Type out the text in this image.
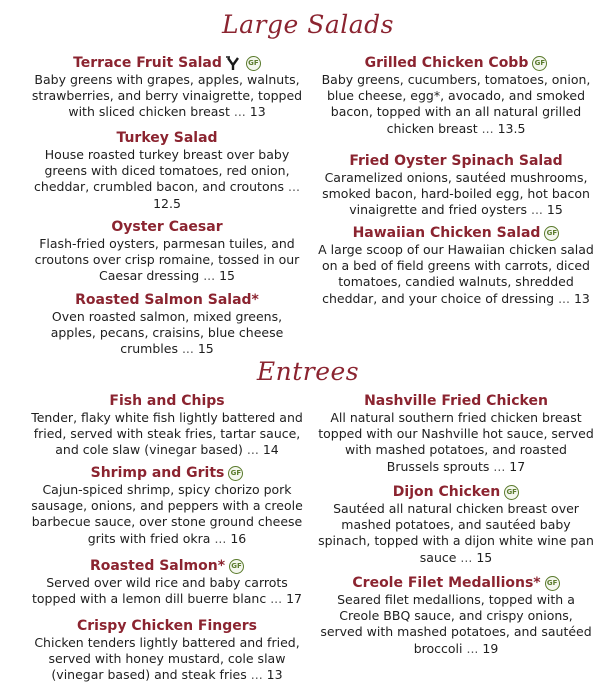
Large Salads
Terrace Fruit Salad	GF
Baby greens with grapes, apples, walnuts, strawberries, and berry vinaigrette, topped with sliced chicken breast ... 13
Turkey Salad
House roasted turkey breast over baby greens with diced tomatoes, red onion, cheddar, crumbled bacon, and croutons ... 12.5
Oyster Caesar
Flash-fried oysters, parmesan tuiles, and croutons over crisp romaine, tossed in our Caesar dressing ... 15
Roasted Salmon Salad*
Oven roasted salmon, mixed greens, apples, pecans, craisins, blue cheese crumbles ... 15
Grilled Chicken Cobb GF
Baby greens, cucumbers, tomatoes, onion, blue cheese, egg*, avocado, and smoked bacon, topped with an all natural grilled chicken breast ... 13.5
Fried Oyster Spinach Salad
Caramelized onions, sautéed mushrooms, smoked bacon, hard-boiled egg, hot bacon vinaigrette and fried oysters ... 15
Hawaiian Chicken Salad GF
A large scoop of our Hawaiian chicken salad on a bed of field greens with carrots, diced tomatoes, candied walnuts, shredded cheddar, and your choice of dressing ... 13
Entrees
Fish and Chips
Tender, flaky white fish lightly battered and fried, served with steak fries, tartar sauce, and cole slaw (vinegar based) ... 14
Shrimp and Grits GF
Cajun-spiced shrimp, spicy chorizo pork sausage, onions, and peppers with a creole barbecue sauce, over stone ground cheese grits with fried okra ... 16
Roasted Salmon* GF
Served over wild rice and baby carrots topped with a lemon dill buerre blanc ... 17
Crispy Chicken Fingers
Chicken tenders lightly battered and fried, served with honey mustard, cole slaw (vinegar based) and steak fries ... 13
Nashville Fried Chicken
All natural southern fried chicken breast topped with our Nashville hot sauce, served with mashed potatoes, and roasted Brussels sprouts ... 17
Dijon Chicken GF
Sautéed all natural chicken breast over mashed potatoes, and sautéed baby spinach, topped with a dijon white wine pan sauce ... 15
Creole Filet Medallions* GF
Seared filet medallions, topped with a Creole BBQ sauce, and crispy onions, served with mashed potatoes, and sautéed broccoli ... 19
